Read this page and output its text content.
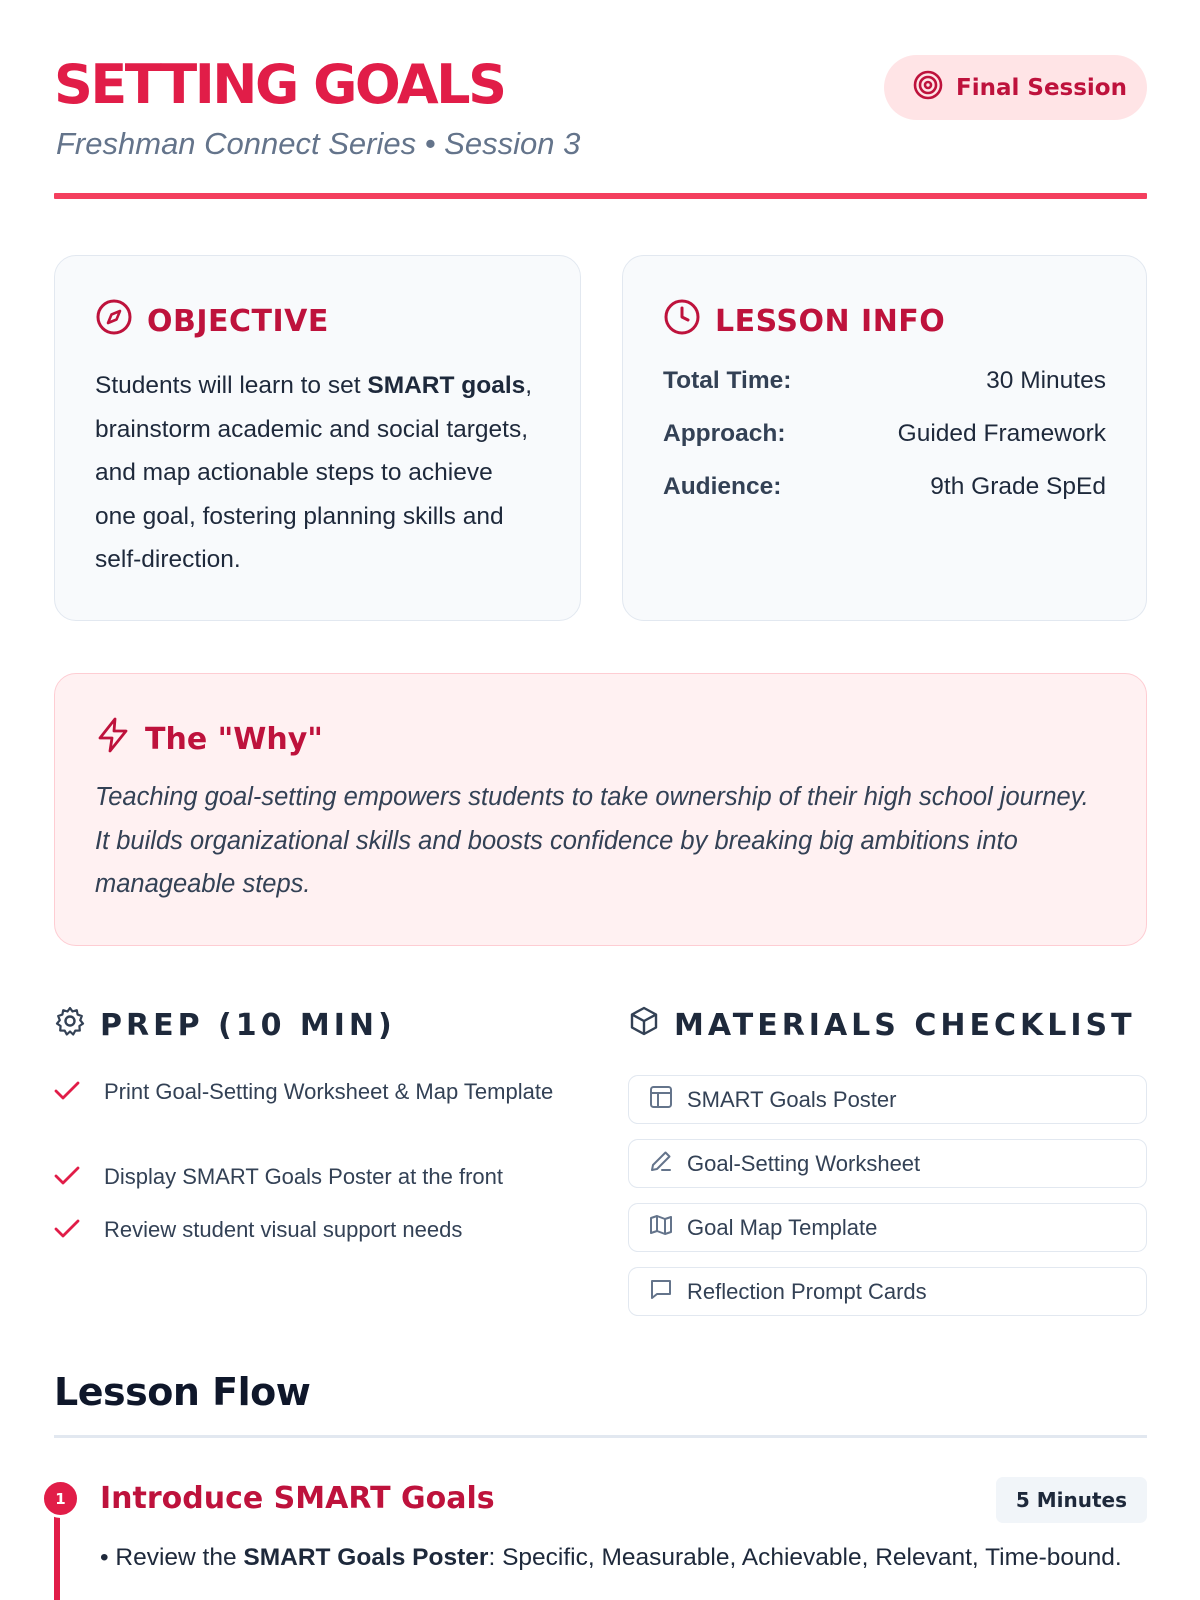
SETTING GOALS
Freshman Connect Series • Session 3
Final Session
OBJECTIVE
Students will learn to set SMART goals, brainstorm academic and social targets, and map actionable steps to achieve one goal, fostering planning skills and self-direction.
LESSON INFO
Total Time:	30 Minutes
Approach:	Guided Framework
Audience:	9th Grade SpEd
The "Why"
Teaching goal-setting empowers students to take ownership of their high school journey. It builds organizational skills and boosts confidence by breaking big ambitions into manageable steps.
PREP (10 MIN)
Print Goal-Setting Worksheet & Map Template
Display SMART Goals Poster at the front
Review student visual support needs
MATERIALS CHECKLIST
SMART Goals Poster
Goal-Setting Worksheet
Goal Map Template
Reflection Prompt Cards
Lesson Flow
1	Introduce SMART Goals	5 Minutes
• Review the SMART Goals Poster: Specific, Measurable, Achievable, Relevant, Time-bound.
